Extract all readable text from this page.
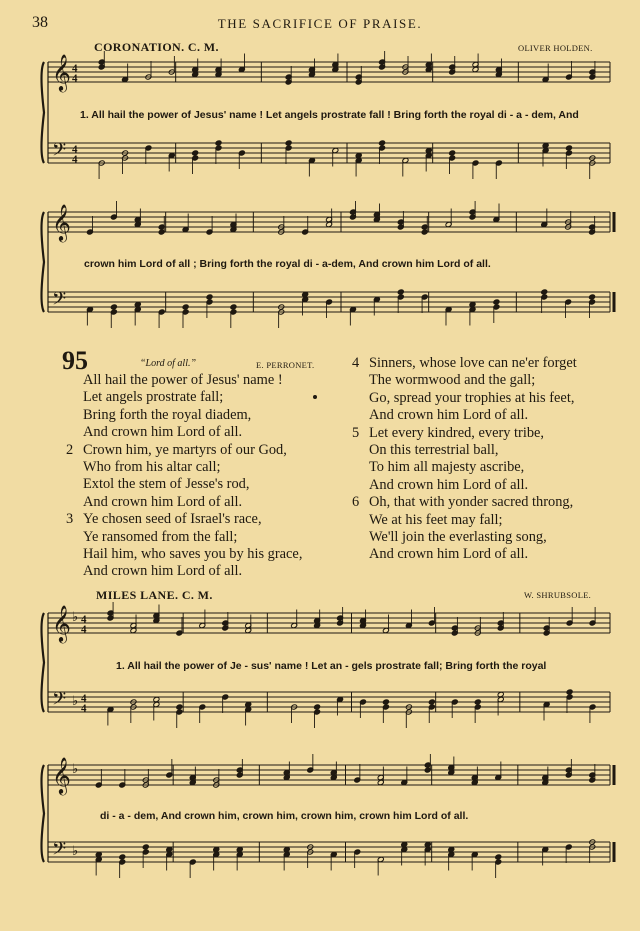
38	THE SACRIFICE OF PRAISE.
CORONATION. C. M.	OLIVER HOLDEN.
𝄞 4
4
𝄢 4
4
𝄞
𝄢
𝄞 ♭ 4
4
𝄢 ♭ 4
4
𝄞 ♭
𝄢 ♭
1. All hail the power of Jesus' name ! Let angels prostrate fall ! Bring forth the royal di - a - dem, And
crown him Lord of all ; Bring forth the royal di - a-dem, And crown him Lord of all.
95	“Lord of all.”	E. PERRONET.
All hail the power of Jesus' name !
Let angels prostrate fall;
Bring forth the royal diadem,
And crown him Lord of all.
2 Crown him, ye martyrs of our God,
Who from his altar call;
Extol the stem of Jesse's rod,
And crown him Lord of all.
3 Ye chosen seed of Israel's race,
Ye ransomed from the fall;
Hail him, who saves you by his grace,
And crown him Lord of all.
4 Sinners, whose love can ne'er forget
The wormwood and the gall;
Go, spread your trophies at his feet,
And crown him Lord of all.
5 Let every kindred, every tribe,
On this terrestrial ball,
To him all majesty ascribe,
And crown him Lord of all.
6 Oh, that with yonder sacred throng,
We at his feet may fall;
We'll join the everlasting song,
And crown him Lord of all.
MILES LANE. C. M.	W. SHRUBSOLE.
1. All hail the power of Je - sus' name ! Let an - gels prostrate fall; Bring forth the royal
di - a - dem, And crown him, crown him, crown him, crown him Lord of all.
